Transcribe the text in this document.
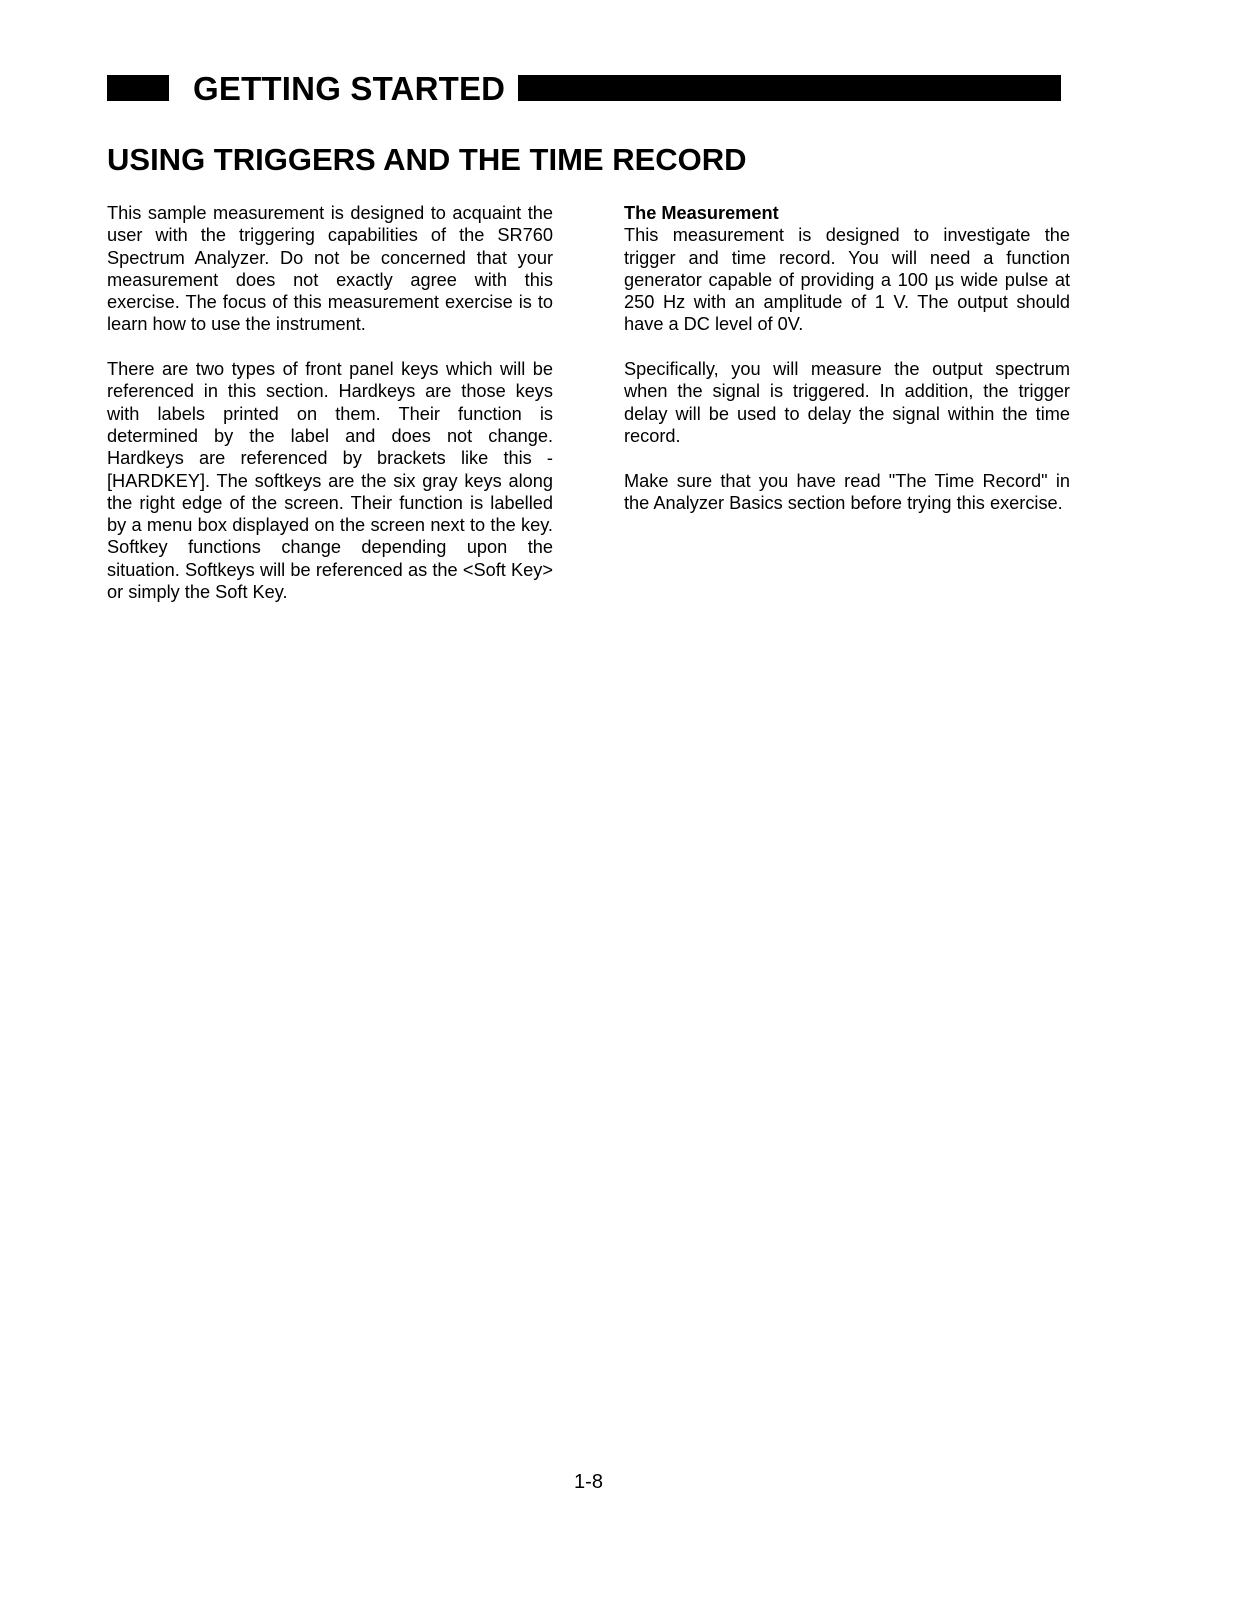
GETTING STARTED
USING TRIGGERS AND THE TIME RECORD

This sample measurement is designed to acquaint the user with the triggering capabilities of the SR760 Spectrum Analyzer. Do not be concerned that your measurement does not exactly agree with this exercise. The focus of this measurement exercise is to learn how to use the instrument.

There are two types of front panel keys which will be referenced in this section. Hardkeys are those keys with labels printed on them. Their function is determined by the label and does not change. Hardkeys are referenced by brackets like this - [HARDKEY]. The softkeys are the six gray keys along the right edge of the screen. Their function is labelled by a menu box displayed on the screen next to the key. Softkey functions change depending upon the situation. Softkeys will be referenced as the <Soft Key> or simply the Soft Key.

The Measurement

This measurement is designed to investigate the trigger and time record. You will need a function generator capable of providing a 100 µs wide pulse at 250 Hz with an amplitude of 1 V. The output should have a DC level of 0V.

Specifically, you will measure the output spectrum when the signal is triggered. In addition, the trigger delay will be used to delay the signal within the time record.

Make sure that you have read "The Time Record" in the Analyzer Basics section before trying this exercise.

1-8
